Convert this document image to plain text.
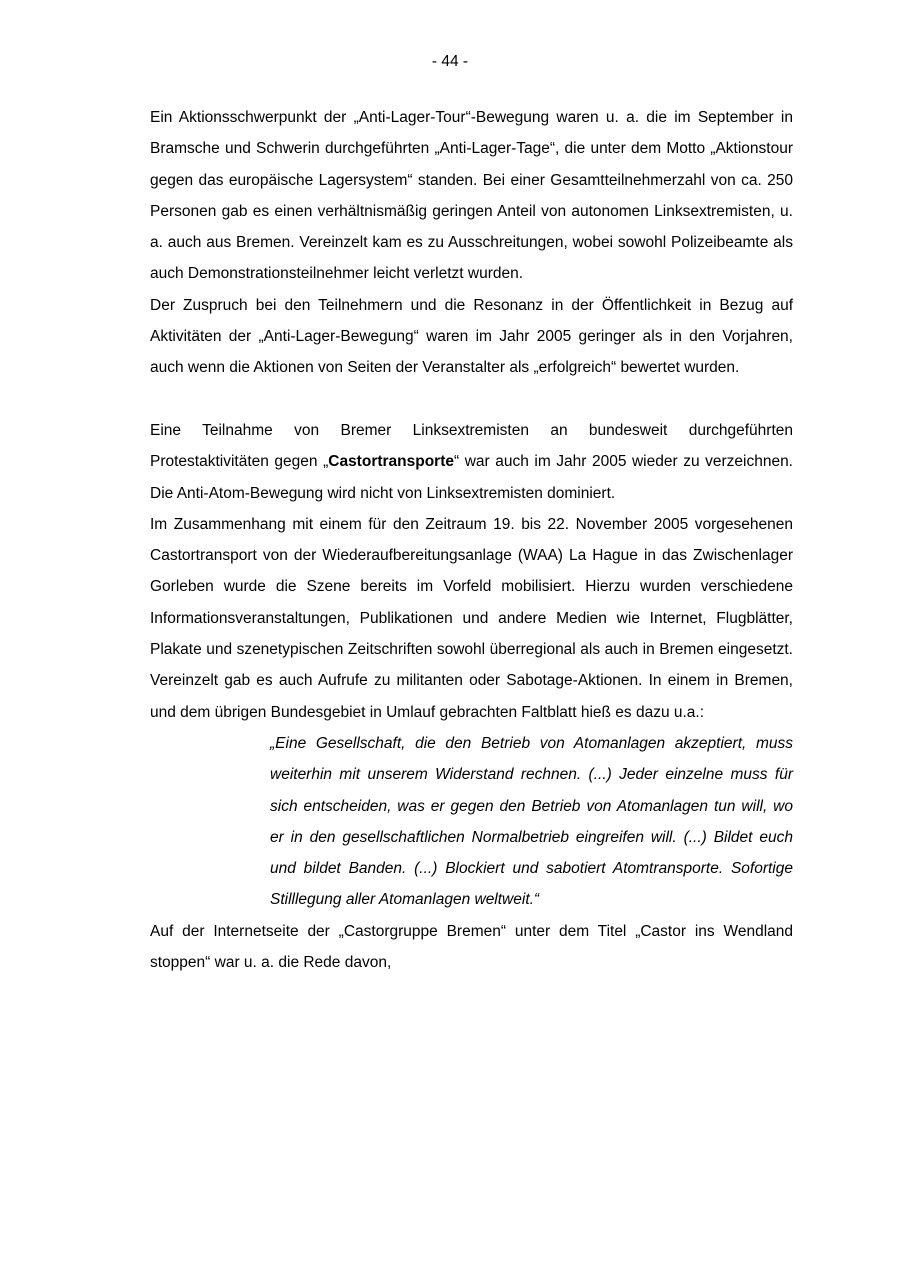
- 44 -

Ein Aktionsschwerpunkt der „Anti-Lager-Tour“-Bewegung waren u. a. die im September in Bramsche und Schwerin durchgeführten „Anti-Lager-Tage“, die unter dem Motto „Aktionstour gegen das europäische Lagersystem“ standen. Bei einer Gesamtteilnehmerzahl von ca. 250 Personen gab es einen verhältnismäßig geringen Anteil von autonomen Linksextremisten, u. a. auch aus Bremen. Vereinzelt kam es zu Ausschreitungen, wobei sowohl Polizeibeamte als auch Demonstrationsteilnehmer leicht verletzt wurden.

Der Zuspruch bei den Teilnehmern und die Resonanz in der Öffentlichkeit in Bezug auf Aktivitäten der „Anti-Lager-Bewegung“ waren im Jahr 2005 geringer als in den Vorjahren, auch wenn die Aktionen von Seiten der Veranstalter als „erfolgreich“ bewertet wurden.

Eine Teilnahme von Bremer Linksextremisten an bundesweit durchgeführten Protestaktivitäten gegen „Castortransporte“ war auch im Jahr 2005 wieder zu verzeichnen. Die Anti-Atom-Bewegung wird nicht von Linksextremisten dominiert.

Im Zusammenhang mit einem für den Zeitraum 19. bis 22. November 2005 vorgesehenen Castortransport von der Wiederaufbereitungsanlage (WAA) La Hague in das Zwischenlager Gorleben wurde die Szene bereits im Vorfeld mobilisiert. Hierzu wurden verschiedene Informationsveranstaltungen, Publikationen und andere Medien wie Internet, Flugblätter, Plakate und szenetypischen Zeitschriften sowohl überregional als auch in Bremen eingesetzt. Vereinzelt gab es auch Aufrufe zu militanten oder Sabotage-Aktionen. In einem in Bremen, und dem übrigen Bundesgebiet in Umlauf gebrachten Faltblatt hieß es dazu u.a.:

„Eine Gesellschaft, die den Betrieb von Atomanlagen akzeptiert, muss weiterhin mit unserem Widerstand rechnen. (...) Jeder einzelne muss für sich entscheiden, was er gegen den Betrieb von Atomanlagen tun will, wo er in den gesellschaftlichen Normalbetrieb eingreifen will. (...) Bildet euch und bildet Banden. (...) Blockiert und sabotiert Atomtransporte. Sofortige Stilllegung aller Atomanlagen weltweit.“

Auf der Internetseite der „Castorgruppe Bremen“ unter dem Titel „Castor ins Wendland stoppen“ war u. a. die Rede davon,
